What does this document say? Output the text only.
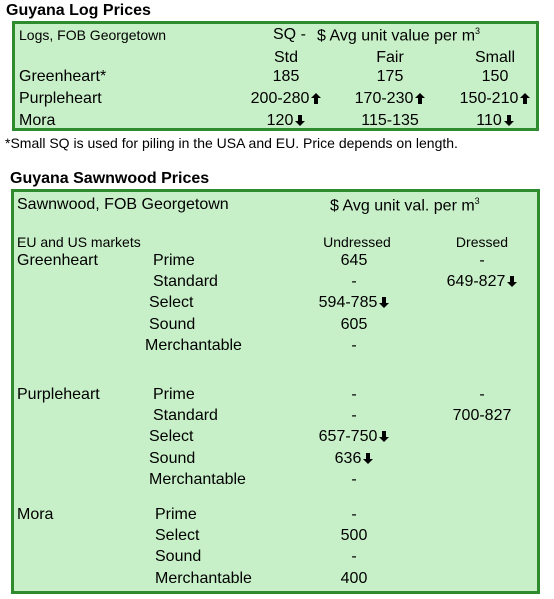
Guyana Log Prices
Logs, FOB Georgetown	SQ - $ Avg unit value per $m^3$
Std	Fair	Small
Greenheart*	185	175	150
Purpleheart	200-280	170-230	150-210
Mora	120	115-135	110
*Small SQ is used for piling in the USA and EU. Price depends on length.
Guyana Sawnwood Prices
Sawnwood, FOB Georgetown	$ Avg unit val. per $m^3$
EU and US markets	Undressed	Dressed
Greenheart	Prime	645	-
Standard	-	649-827
Select	594-785
Sound	605
Merchantable	-
Purpleheart	Prime	-	-
Standard	-	700-827
Select	657-750
Sound	636
Merchantable	-
Mora	Prime	-
Select	500
Sound	-
Merchantable	400
